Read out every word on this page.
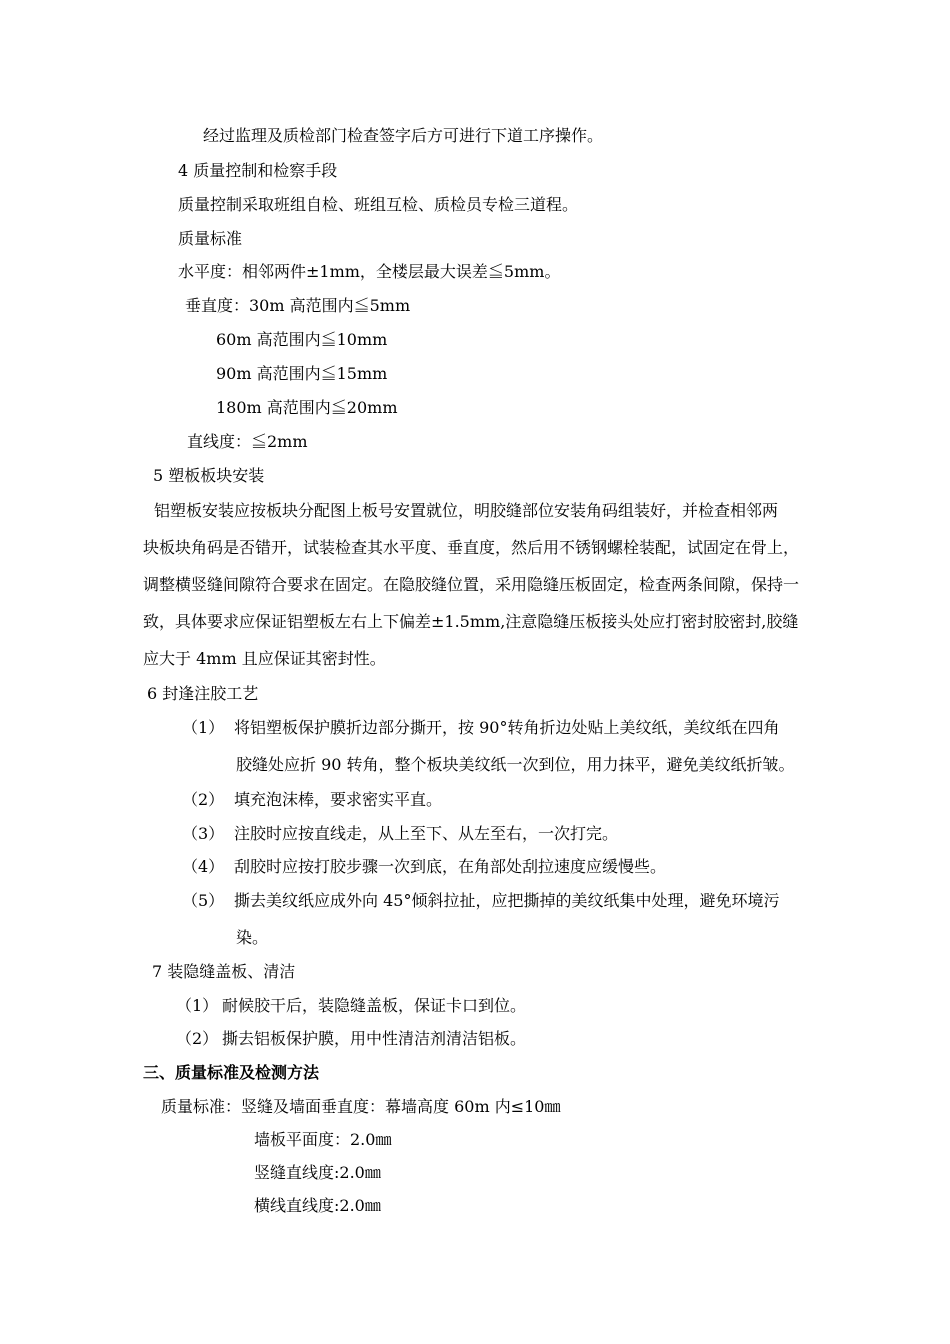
经过监理及质检部门检查签字后方可进行下道工序操作。

4 质量控制和检察手段

质量控制采取班组自检、班组互检、质检员专检三道程。

质量标准

水平度：相邻两件±1mm，全楼层最大误差≦5mm。

垂直度：30m 高范围内≦5mm

60m 高范围内≦10mm

90m 高范围内≦15mm

180m 高范围内≦20mm

直线度：≦2mm

5 塑板板块安装

铝塑板安装应按板块分配图上板号安置就位，明胶缝部位安装角码组装好，并检查相邻两

块板块角码是否错开，试装检查其水平度、垂直度，然后用不锈钢螺栓装配，试固定在骨上，

调整横竖缝间隙符合要求在固定。在隐胶缝位置，采用隐缝压板固定，检查两条间隙，保持一

致，具体要求应保证铝塑板左右上下偏差±1.5mm,注意隐缝压板接头处应打密封胶密封,胶缝

应大于 4mm 且应保证其密封性。

6 封逢注胶工艺

（1） 将铝塑板保护膜折边部分撕开，按 90°转角折边处贴上美纹纸，美纹纸在四角

胶缝处应折 90 转角，整个板块美纹纸一次到位，用力抹平，避免美纹纸折皱。

（2） 填充泡沫棒，要求密实平直。

（3） 注胶时应按直线走，从上至下、从左至右，一次打完。

（4） 刮胶时应按打胶步骤一次到底，在角部处刮拉速度应缓慢些。

（5） 撕去美纹纸应成外向 45°倾斜拉扯，应把撕掉的美纹纸集中处理，避免环境污

染。

7 装隐缝盖板、清洁

（1） 耐候胶干后，装隐缝盖板，保证卡口到位。

（2） 撕去铝板保护膜，用中性清洁剂清洁铝板。

三、质量标准及检测方法

质量标准：竖缝及墙面垂直度：幕墙高度 60m 内≤10㎜

墙板平面度：2.0㎜

竖缝直线度:2.0㎜

横线直线度:2.0㎜
